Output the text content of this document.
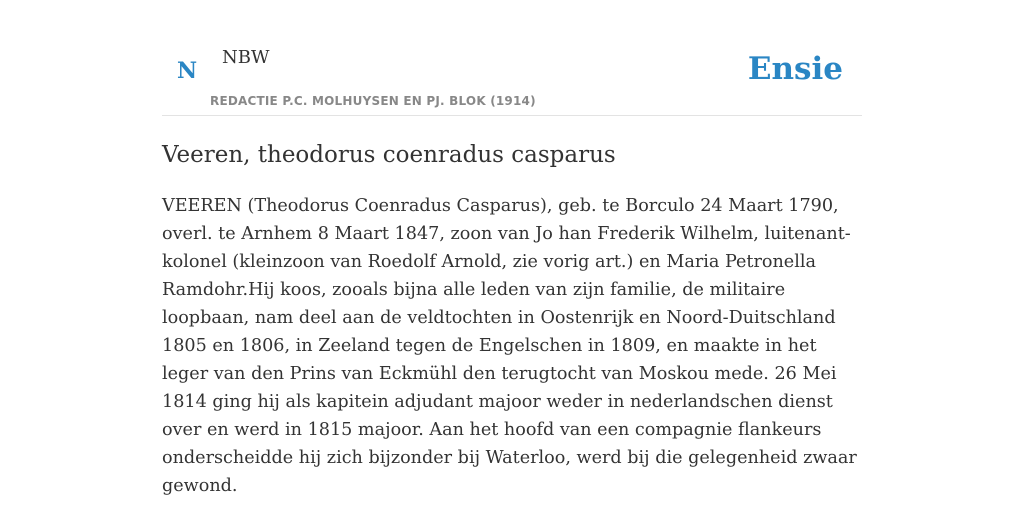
N
NBW
REDACTIE P.C. MOLHUYSEN EN PJ. BLOK (1914)
Ensie
Veeren, theodorus coenradus casparus

VEEREN (Theodorus Coenradus Casparus), geb. te Borculo 24 Maart 1790, overl. te Arnhem 8 Maart 1847, zoon van Jo han Frederik Wilhelm, luitenant-kolonel (kleinzoon van Roedolf Arnold, zie vorig art.) en Maria Petronella Ramdohr.Hij koos, zooals bijna alle leden van zijn familie, de militaire loopbaan, nam deel aan de veldtochten in Oostenrijk en Noord-Duitschland 1805 en 1806, in Zeeland tegen de Engelschen in 1809, en maakte in het leger van den Prins van Eckmühl den terugtocht van Moskou mede. 26 Mei 1814 ging hij als kapitein adjudant majoor weder in nederlandschen dienst over en werd in 1815 majoor. Aan het hoofd van een compagnie flankeurs onderscheidde hij zich bijzonder bij Waterloo, werd bij die gelegenheid zwaar gewond.
